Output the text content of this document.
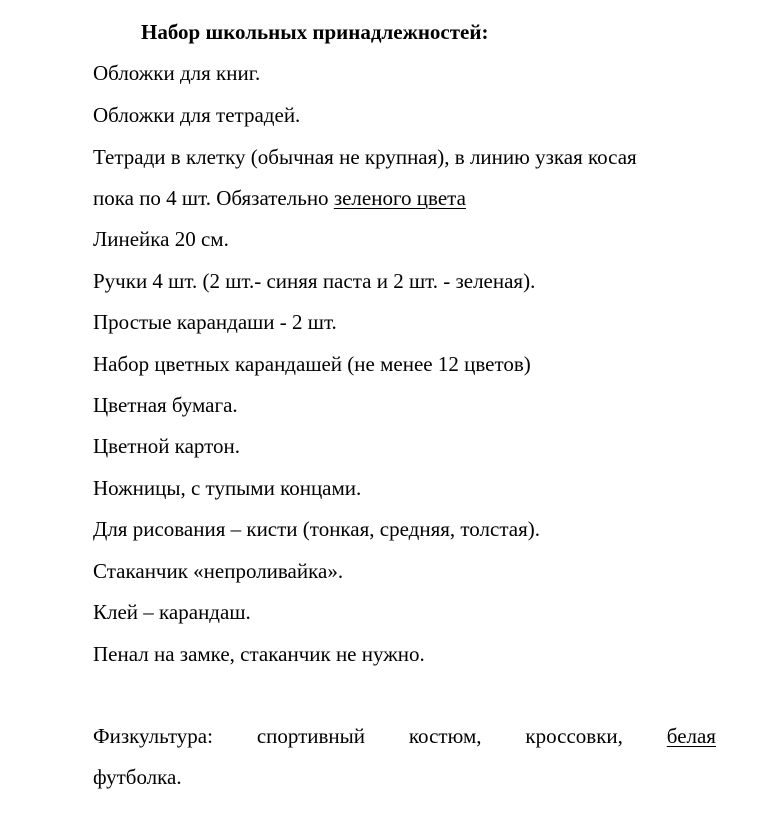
Набор школьных принадлежностей:
Обложки для книг.
Обложки для тетрадей.
Тетради в клетку (обычная не крупная), в линию узкая косая
пока по 4 шт. Обязательно зеленого цвета
Линейка 20 см.
Ручки 4 шт. (2 шт.- синяя паста и 2 шт. - зеленая).
Простые карандаши - 2 шт.
Набор цветных карандашей (не менее 12 цветов)
Цветная бумага.
Цветной картон.
Ножницы, с тупыми концами.
Для рисования – кисти (тонкая, средняя, толстая).
Стаканчик «непроливайка».
Клей – карандаш.
Пенал на замке, стаканчик не нужно.
Физкультура: спортивный костюм, кроссовки, белая
футболка.
